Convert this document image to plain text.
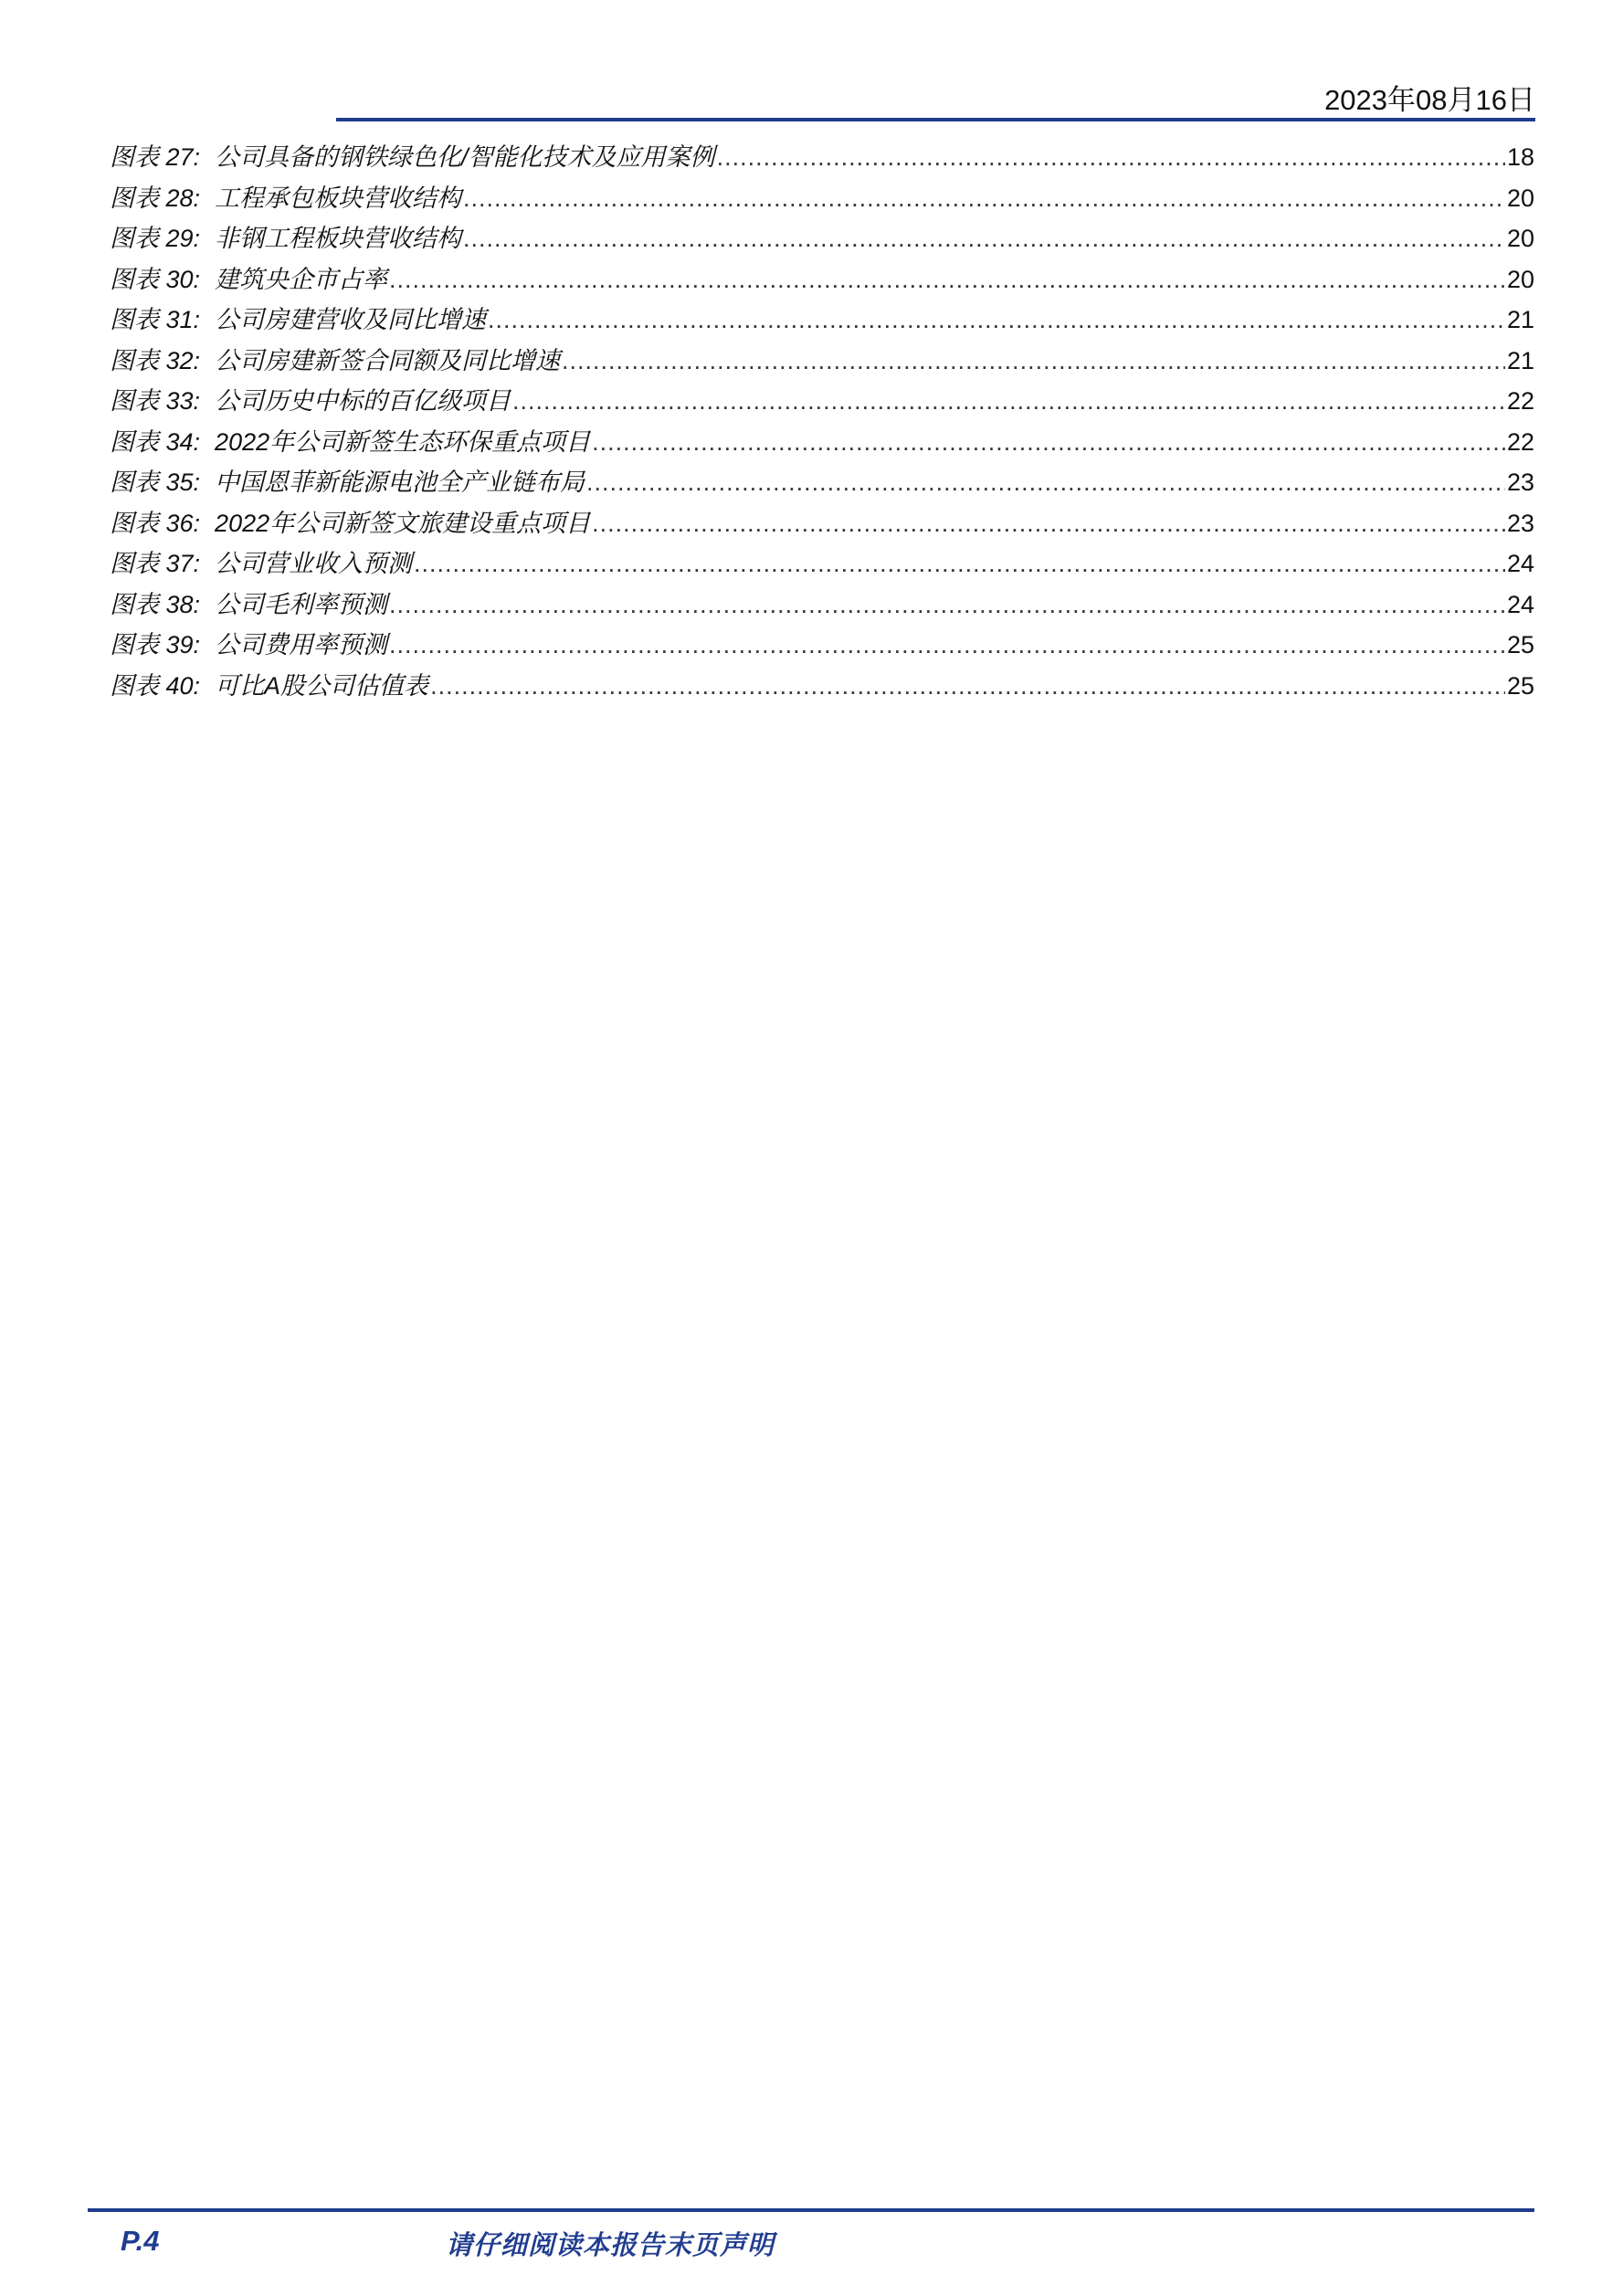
2023年08月16日
图表 27: 公司具备的钢铁绿色化/智能化技术及应用案例 .....	18
图表 28: 工程承包板块营收结构 .....	20
图表 29: 非钢工程板块营收结构 .....	20
图表 30: 建筑央企市占率 .....	20
图表 31: 公司房建营收及同比增速 .....	21
图表 32: 公司房建新签合同额及同比增速 .....	21
图表 33: 公司历史中标的百亿级项目 .....	22
图表 34: 2022年公司新签生态环保重点项目 .....	22
图表 35: 中国恩菲新能源电池全产业链布局 .....	23
图表 36: 2022年公司新签文旅建设重点项目 .....	23
图表 37: 公司营业收入预测 .....	24
图表 38: 公司毛利率预测 .....	24
图表 39: 公司费用率预测 .....	25
图表 40: 可比A股公司估值表 .....	25
P.4	请仔细阅读本报告末页声明
